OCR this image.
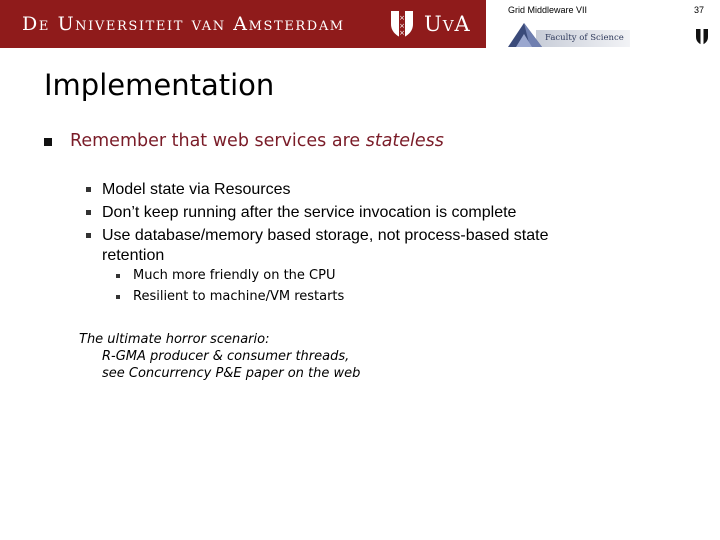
De Universiteit van Amsterdam	×
×
× UvA
Grid Middleware VII	37
Faculty of Science
Implementation
Remember that web services are stateless
Model state via Resources
Don’t keep running after the service invocation is complete
Use database/memory based storage, not process-based state
retention
Much more friendly on the CPU
Resilient to machine/VM restarts
The ultimate horror scenario:
R-GMA producer & consumer threads,
see Concurrency P&E paper on the web
